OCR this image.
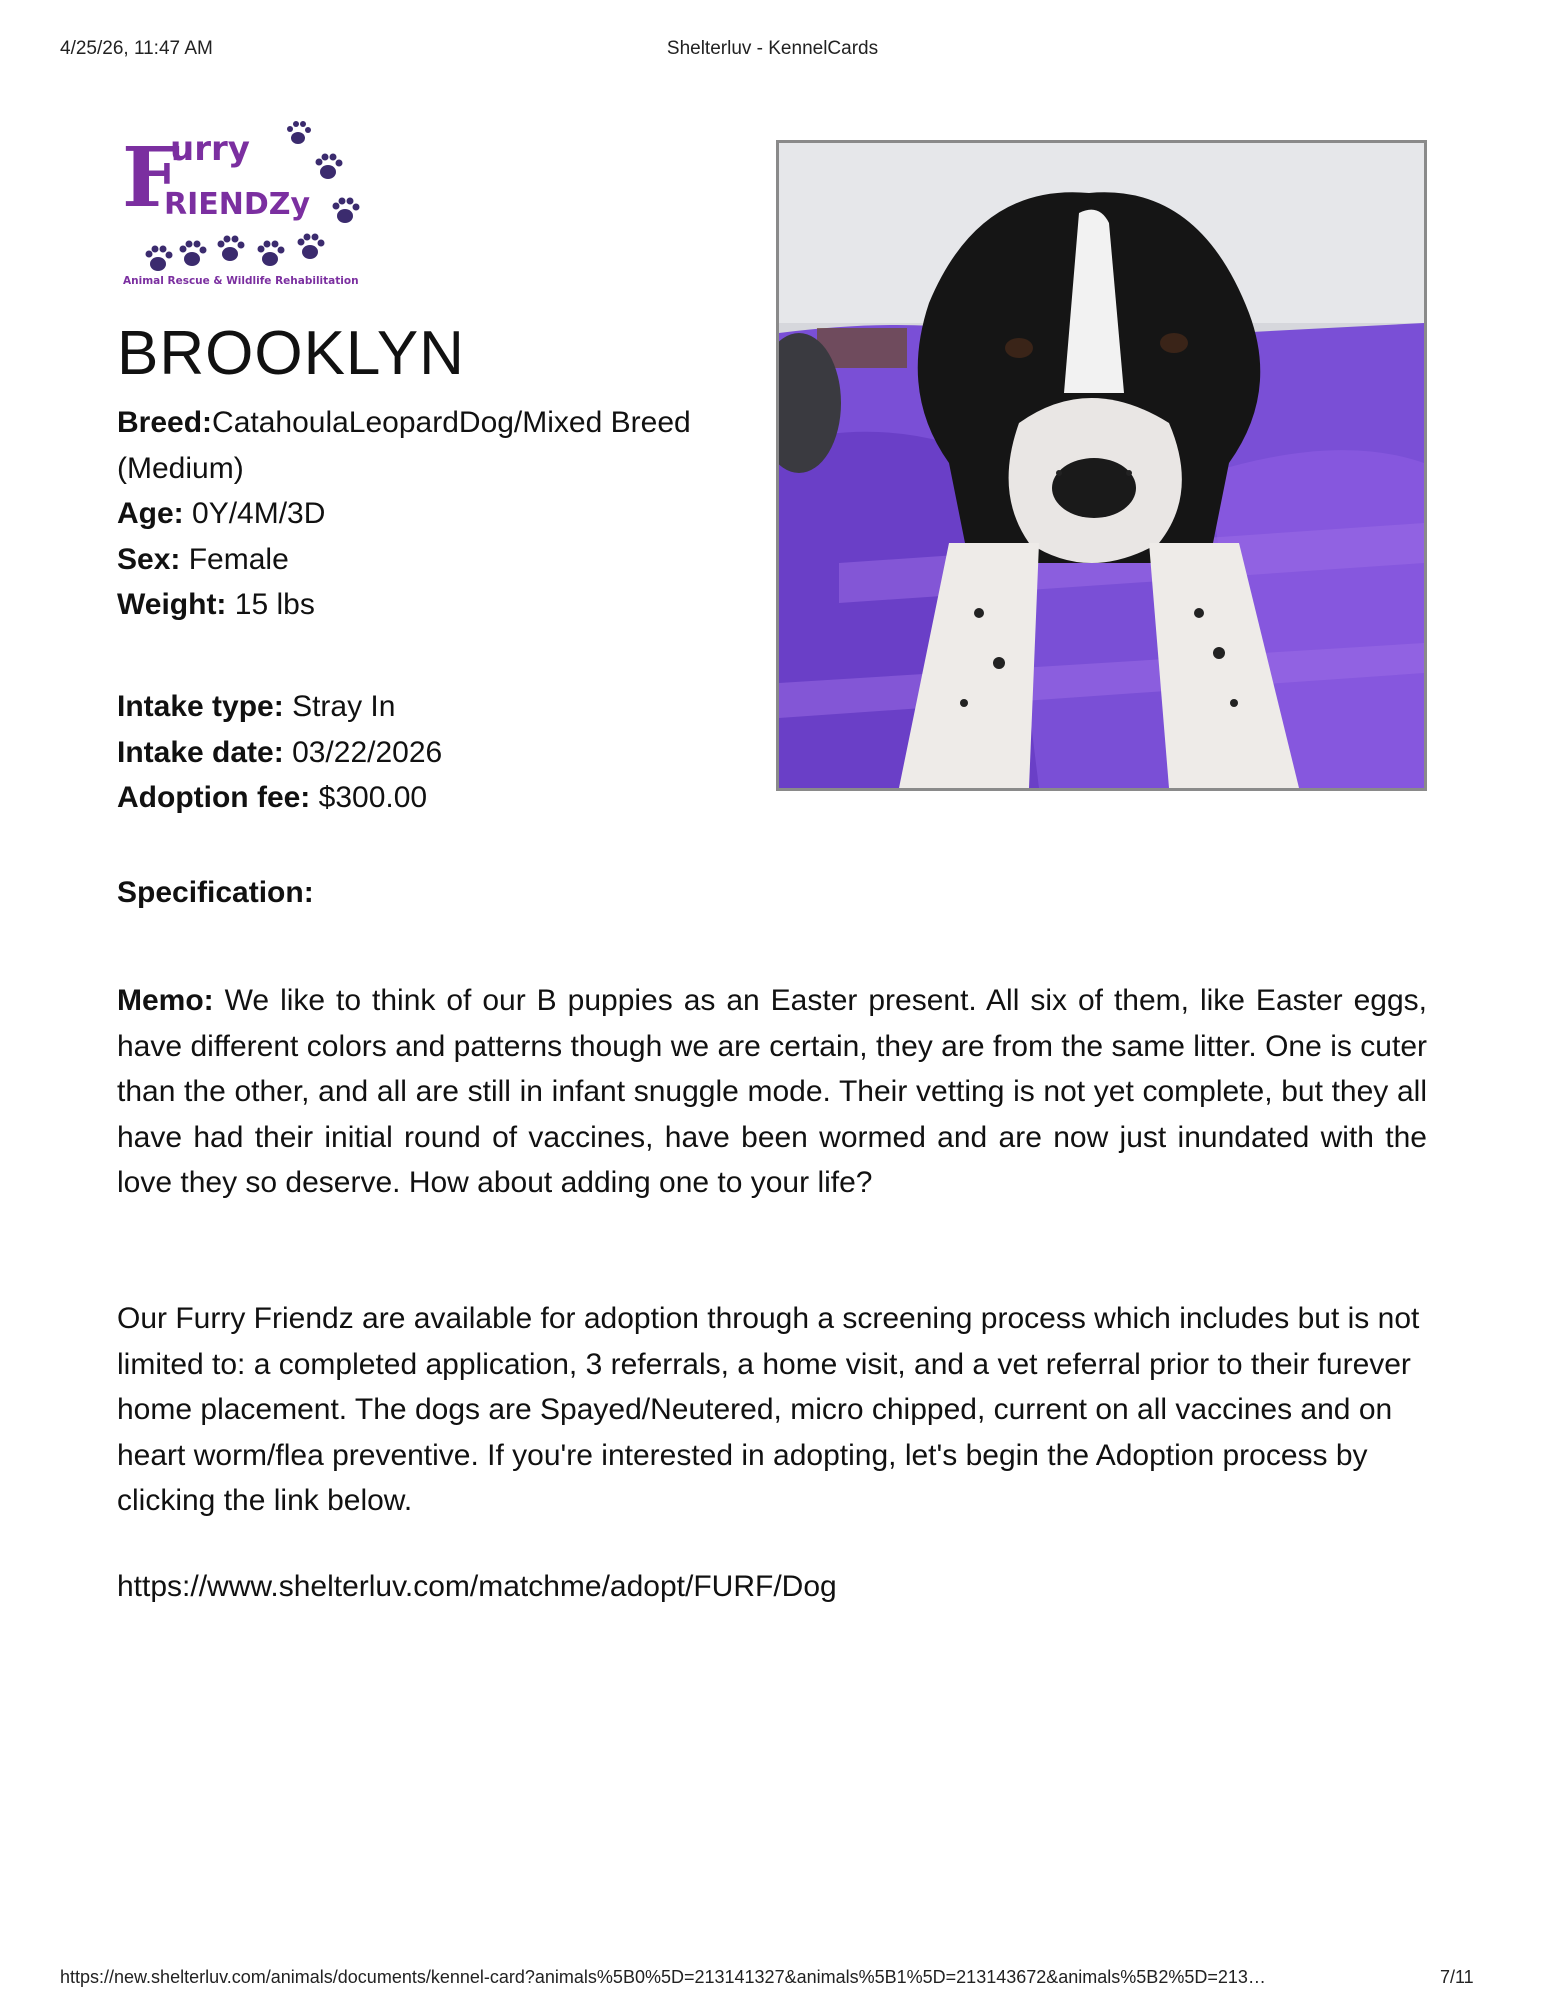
4/25/26, 11:47 AM	Shelterluv - KennelCards
F
urry
RIENDZy
Animal Rescue & Wildlife Rehabilitation
BROOKLYN
Breed:CatahoulaLeopardDog/Mixed Breed (Medium)
Age: 0Y/4M/3D
Sex: Female
Weight: 15 lbs
Intake type: Stray In
Intake date: 03/22/2026
Adoption fee: $300.00
Specification:
Memo: We like to think of our B puppies as an Easter present. All six of them, like Easter eggs, have different colors and patterns though we are certain, they are from the same litter. One is cuter than the other, and all are still in infant snuggle mode. Their vetting is not yet complete, but they all have had their initial round of vaccines, have been wormed and are now just inundated with the love they so deserve. How about adding one to your life?
Our Furry Friendz are available for adoption through a screening process which includes but is not limited to: a completed application, 3 referrals, a home visit, and a vet referral prior to their furever home placement. The dogs are Spayed/Neutered, micro chipped, current on all vaccines and on heart worm/flea preventive. If you're interested in adopting, let's begin the Adoption process by clicking the link below.
https://www.shelterluv.com/matchme/adopt/FURF/Dog
https://new.shelterluv.com/animals/documents/kennel-card?animals%5B0%5D=213141327&animals%5B1%5D=213143672&animals%5B2%5D=213…	7/11
